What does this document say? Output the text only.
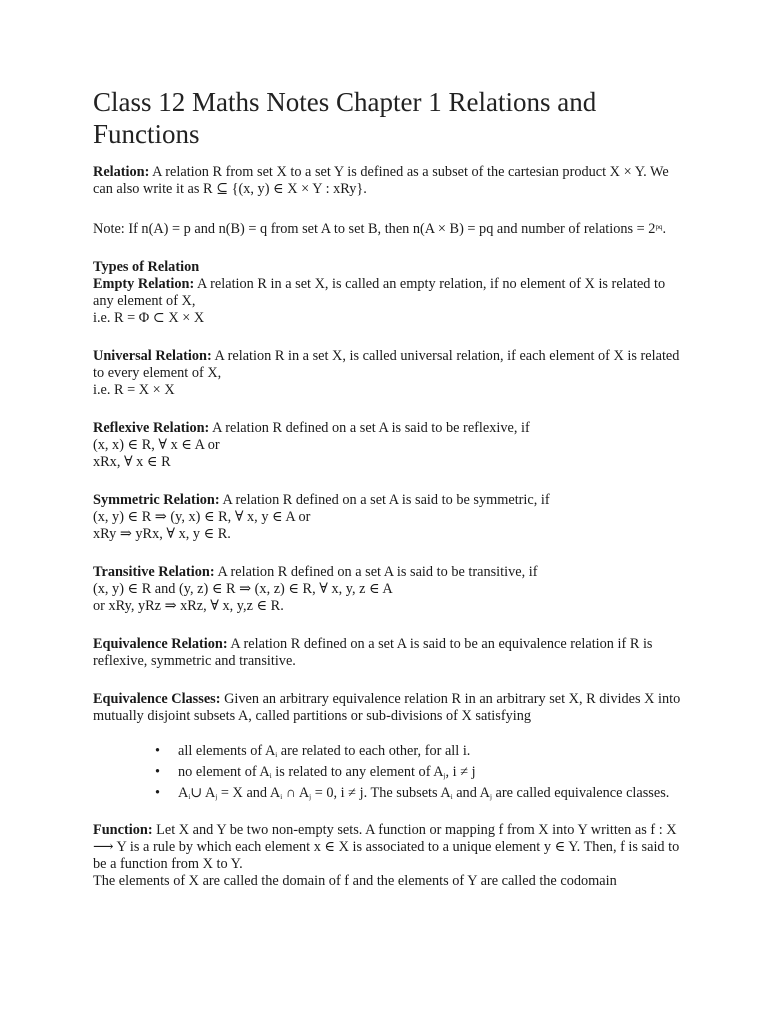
Class 12 Maths Notes Chapter 1 Relations and Functions

Relation: A relation R from set X to a set Y is defined as a subset of the cartesian product X × Y. We can also write it as R ⊆ {(x, y) ∈ X × Y : xRy}.

Note: If n(A) = p and n(B) = q from set A to set B, then n(A × B) = pq and number of relations = $2^{pq}$.

Types of Relation

Empty Relation: A relation R in a set X, is called an empty relation, if no element of X is related to any element of X,

i.e. R = Φ ⊂ X × X

Universal Relation: A relation R in a set X, is called universal relation, if each element of X is related to every element of X,

i.e. R = X × X

Reflexive Relation: A relation R defined on a set A is said to be reflexive, if

(x, x) ∈ R, ∀ x ∈ A or

xRx, ∀ x ∈ R

Symmetric Relation: A relation R defined on a set A is said to be symmetric, if

(x, y) ∈ R ⇒ (y, x) ∈ R, ∀ x, y ∈ A or

xRy ⇒ yRx, ∀ x, y ∈ R.

Transitive Relation: A relation R defined on a set A is said to be transitive, if

(x, y) ∈ R and (y, z) ∈ R ⇒ (x, z) ∈ R, ∀ x, y, z ∈ A

or xRy, yRz ⇒ xRz, ∀ x, y,z ∈ R.

Equivalence Relation: A relation R defined on a set A is said to be an equivalence relation if R is reflexive, symmetric and transitive.

Equivalence Classes: Given an arbitrary equivalence relation R in an arbitrary set X, R divides X into mutually disjoint subsets A, called partitions or sub-divisions of X satisfying

• all elements of $A_i$ are related to each other, for all i.
• no element of $A_i$ is related to any element of $A_j$, i ≠ j
• $A_i\cup$ $A_j = X$ and $A_i$ ∩ $A_j = 0$, i ≠ j. The subsets $A_i$ and $A_j$ are called equivalence classes.

Function: Let X and Y be two non-empty sets. A function or mapping f from X into Y written as f : X ⟶ Y is a rule by which each element x ∈ X is associated to a unique element y ∈ Y. Then, f is said to be a function from X to Y.

The elements of X are called the domain of f and the elements of Y are called the codomain
